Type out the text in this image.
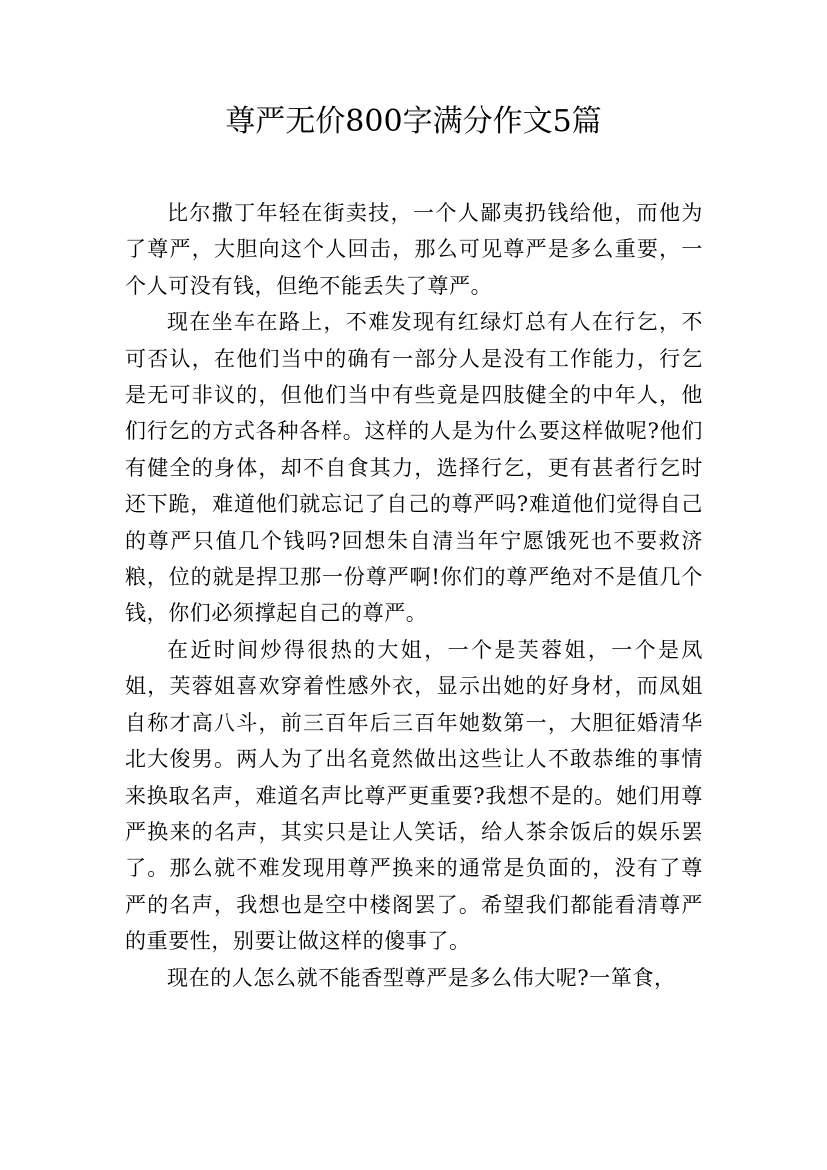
尊严无价800字满分作文5篇

比尔撒丁年轻在街卖技，一个人鄙夷扔钱给他，而他为了尊严，大胆向这个人回击，那么可见尊严是多么重要，一个人可没有钱，但绝不能丢失了尊严。

现在坐车在路上，不难发现有红绿灯总有人在行乞，不可否认，在他们当中的确有一部分人是没有工作能力，行乞是无可非议的，但他们当中有些竟是四肢健全的中年人，他们行乞的方式各种各样。这样的人是为什么要这样做呢?他们有健全的身体，却不自食其力，选择行乞，更有甚者行乞时还下跪，难道他们就忘记了自己的尊严吗?难道他们觉得自己的尊严只值几个钱吗?回想朱自清当年宁愿饿死也不要救济粮，位的就是捍卫那一份尊严啊!你们的尊严绝对不是值几个钱，你们必须撑起自己的尊严。

在近时间炒得很热的大姐，一个是芙蓉姐，一个是凤姐，芙蓉姐喜欢穿着性感外衣，显示出她的好身材，而凤姐自称才高八斗，前三百年后三百年她数第一，大胆征婚清华北大俊男。两人为了出名竟然做出这些让人不敢恭维的事情来换取名声，难道名声比尊严更重要?我想不是的。她们用尊严换来的名声，其实只是让人笑话，给人茶余饭后的娱乐罢了。那么就不难发现用尊严换来的通常是负面的，没有了尊严的名声，我想也是空中楼阁罢了。希望我们都能看清尊严的重要性，别要让做这样的傻事了。

现在的人怎么就不能香型尊严是多么伟大呢?一箪食，
